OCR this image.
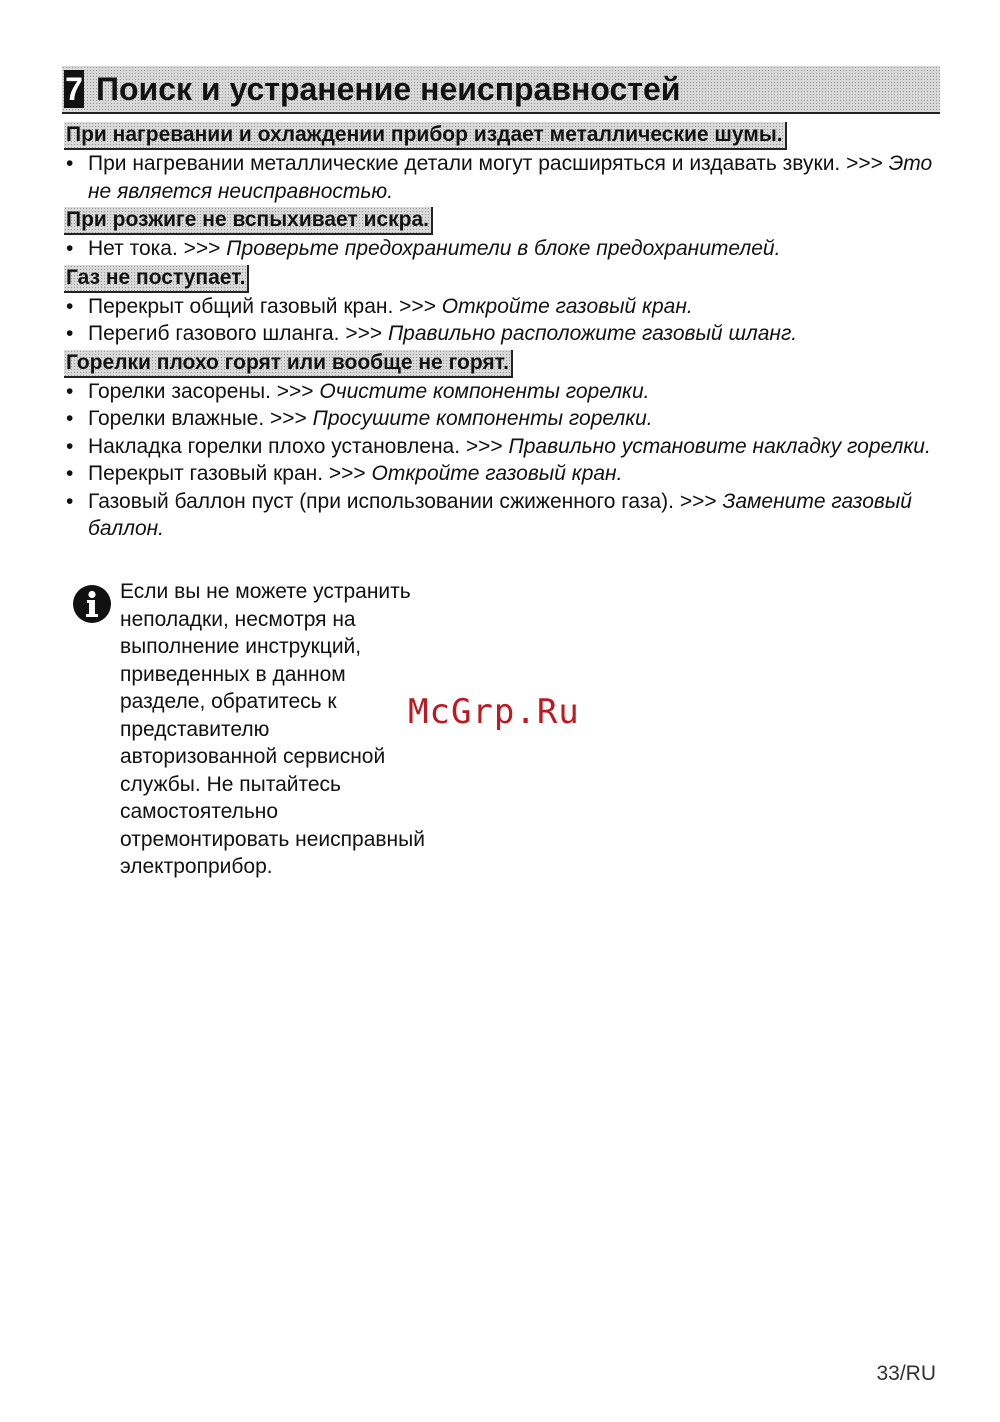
7 Поиск и устранение неисправностей
При нагревании и охлаждении прибор издает металлические шумы.
• При нагревании металлические детали могут расширяться и издавать звуки. >>> Это не является неисправностью.
При розжиге не вспыхивает искра.
• Нет тока. >>> Проверьте предохранители в блоке предохранителей.
Газ не поступает.
• Перекрыт общий газовый кран. >>> Откройте газовый кран.
• Перегиб газового шланга. >>> Правильно расположите газовый шланг.
Горелки плохо горят или вообще не горят.
• Горелки засорены. >>> Очистите компоненты горелки.
• Горелки влажные. >>> Просушите компоненты горелки.
• Накладка горелки плохо установлена. >>> Правильно установите накладку горелки.
• Перекрыт газовый кран. >>> Откройте газовый кран.
• Газовый баллон пуст (при использовании сжиженного газа). >>> Замените газовый баллон.
Если вы не можете устранить
неполадки, несмотря на
выполнение инструкций,
приведенных в данном
разделе, обратитесь к
представителю
авторизованной сервисной
службы. Не пытайтесь
самостоятельно
отремонтировать неисправный
электроприбор.
McGrp.Ru
33/RU
